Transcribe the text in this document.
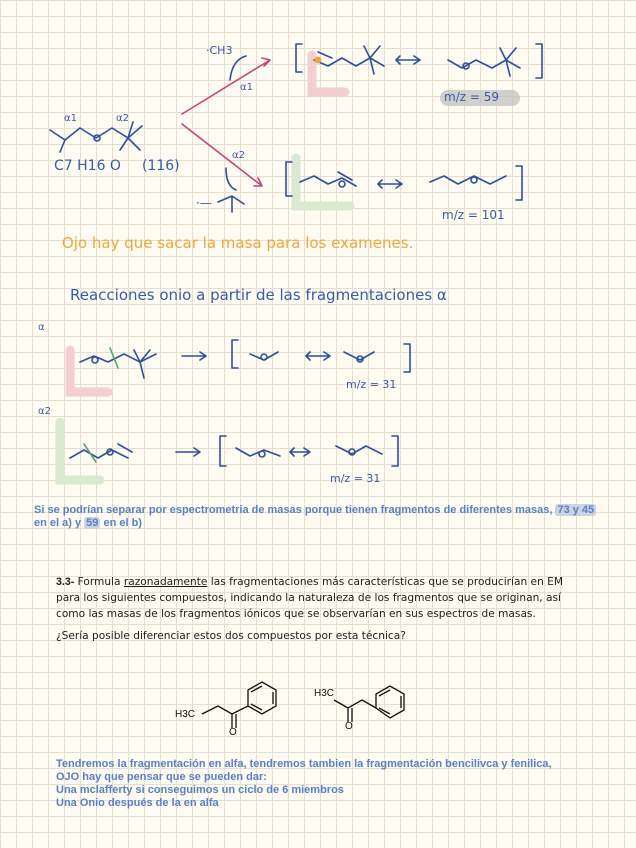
·CH3
α1
α1	α2
C7 H16 O (116)
α2
·—
m/z = 59
m/z = 101
Ojo hay que sacar la masa para los examenes.
Reacciones onio a partir de las fragmentaciones α
α
α2
m/z = 31
m/z = 31
Si se podrían separar por espectrometria de masas porque tienen fragmentos de diferentes masas, 73 y 45
en el a) y 59 en el b)

3.3- Formula razonadamente las fragmentaciones más características que se producirían en EM para los siguientes compuestos, indicando la naturaleza de los fragmentos que se originan, así como las masas de los fragmentos iónicos que se observarían en sus espectros de masas.

¿Sería posible diferenciar estos dos compuestos por esta técnica?

H3C
O
H3C
O
Tendremos la fragmentación en alfa, tendremos tambien la fragmentación bencilivca y fenilica,
OJO hay que pensar que se pueden dar:
Una mclafferty si conseguimos un ciclo de 6 miembros
Una Onio después de la en alfa
